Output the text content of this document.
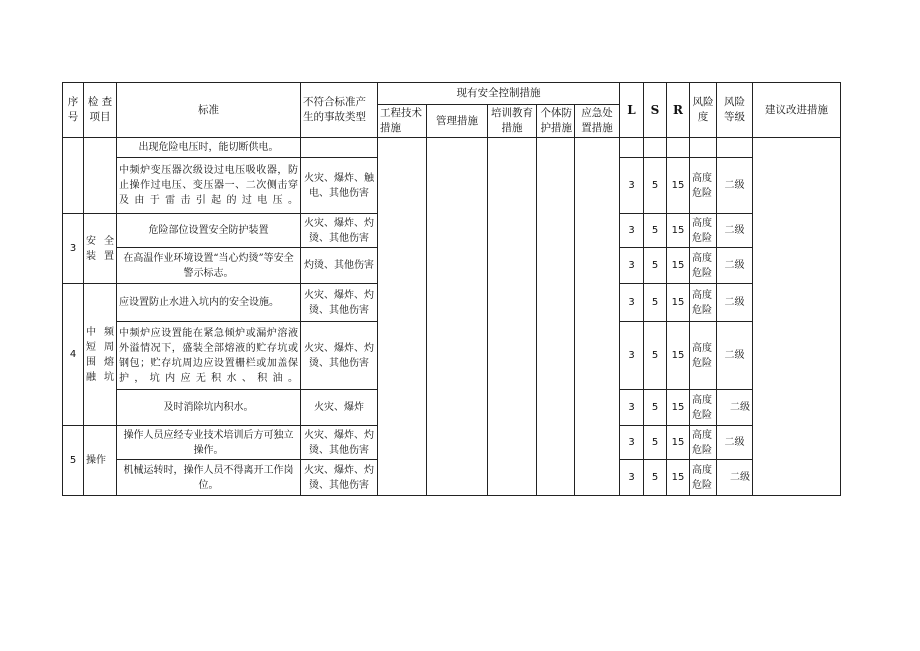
序号	检 查项目	标准	不符合标准产生的事故类型	现有安全控制措施					L	S	R	风险度	风险等级	建议改进措施
				工程技术措施	管理措施	培训教育措施	个体防护措施	应急处置措施						
		出现危险电压时，能切断供电。												
		中频炉变压器次级设过电压吸收器，防止操作过电压、变压器一、二次侧击穿及由于雷击引起的过电压。	火灾、爆炸、触电、其他伤害						3	5	15	高度危险	二级	
3	安 全装置	危险部位设置安全防护装置	火灾、爆炸、灼烫、其他伤害						3	5	15	高度危险	二级	
		在高温作业环境设置“当心灼烫”等安全警示标志。	灼烫、其他伤害						3	5	15	高度危险	二级	
4	中 频短 周围 熔融坑	应设置防止水进入坑内的安全设施。	火灾、爆炸、灼烫、其他伤害						3	5	15	高度危险	二级	
		中频炉应设置能在紧急倾炉或漏炉溶液外溢情况下，盛装全部熔液的贮存坑或钢包；贮存坑周边应设置栅栏或加盖保护，坑内应无积水、积油。	火灾、爆炸、灼烫、其他伤害						3	5	15	高度危险	二级	
		及时消除坑内积水。	火灾、爆炸						3	5	15	高度危险	二级	
5	操作	操作人员应经专业技术培训后方可独立操作。	火灾、爆炸、灼烫、其他伤害						3	5	15	高度危险	二级	
		机械运转时，操作人员不得离开工作岗位。	火灾、爆炸、灼烫、其他伤害						3	5	15	高度危险	二级	
